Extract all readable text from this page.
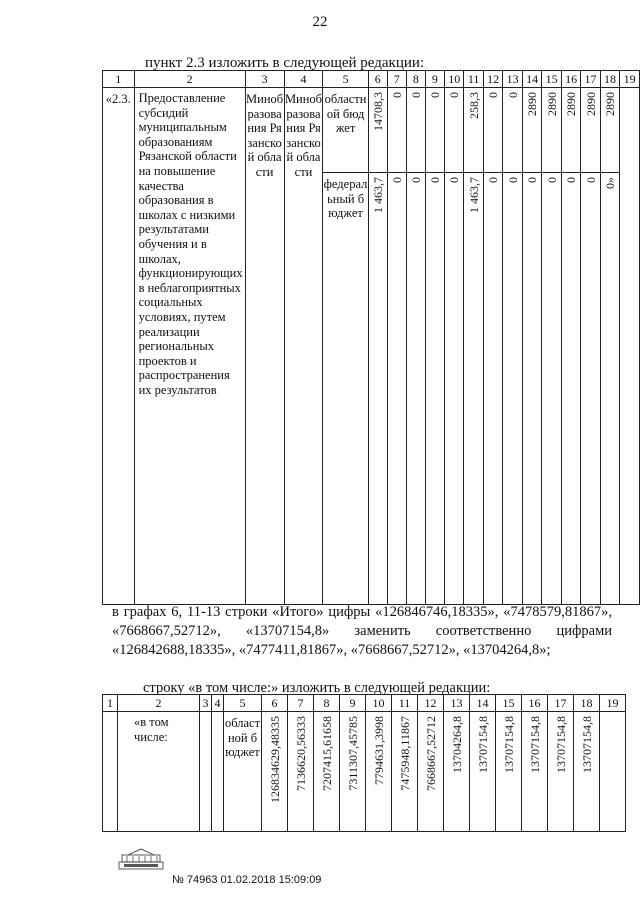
22
пункт 2.3 изложить в следующей редакции:
1	2	3	4	5	6	7	8	9	10	11	12	13	14	15	16	17	18	19
«2.3.	Предоставление субсидий муниципальным образованиям Рязанской области на повышение качества образования в школах с низкими результатами обучения и в школах, функционирующих в неблагоприятных социальных условиях, путем реализации региональных проектов и распространения их результатов	Минобразования Рязанской области	Минобразования Рязанской области	областной бюджет	14708,3	0	0	0	0	258,3	0	0	2890	2890	2890	2890	2890	

				федеральный бюджет	1 463,7	0	0	0	0	1 463,7	0	0	0	0	0	0	0»	
в графах 6, 11-13 строки «Итого» цифры «126846746,18335», «7478579,81867», «7668667,52712», «13707154,8» заменить соответственно цифрами «126842688,18335», «7477411,81867», «7668667,52712», «13704264,8»;
строку «в том числе:» изложить в следующей редакции:
1	2	3	4	5	6	7	8	9	10	11	12	13	14	15	16	17	18	19
	«в том числе:			областной бюджет	126834629,48335	7136620,56333	7207415,61658	7311307,45785	7794631,3998	7475948,11867	7668667,52712	13704264,8	13707154,8	13707154,8	13707154,8	13707154,8	13707154,8	

№ 74963 01.02.2018 15:09:09
